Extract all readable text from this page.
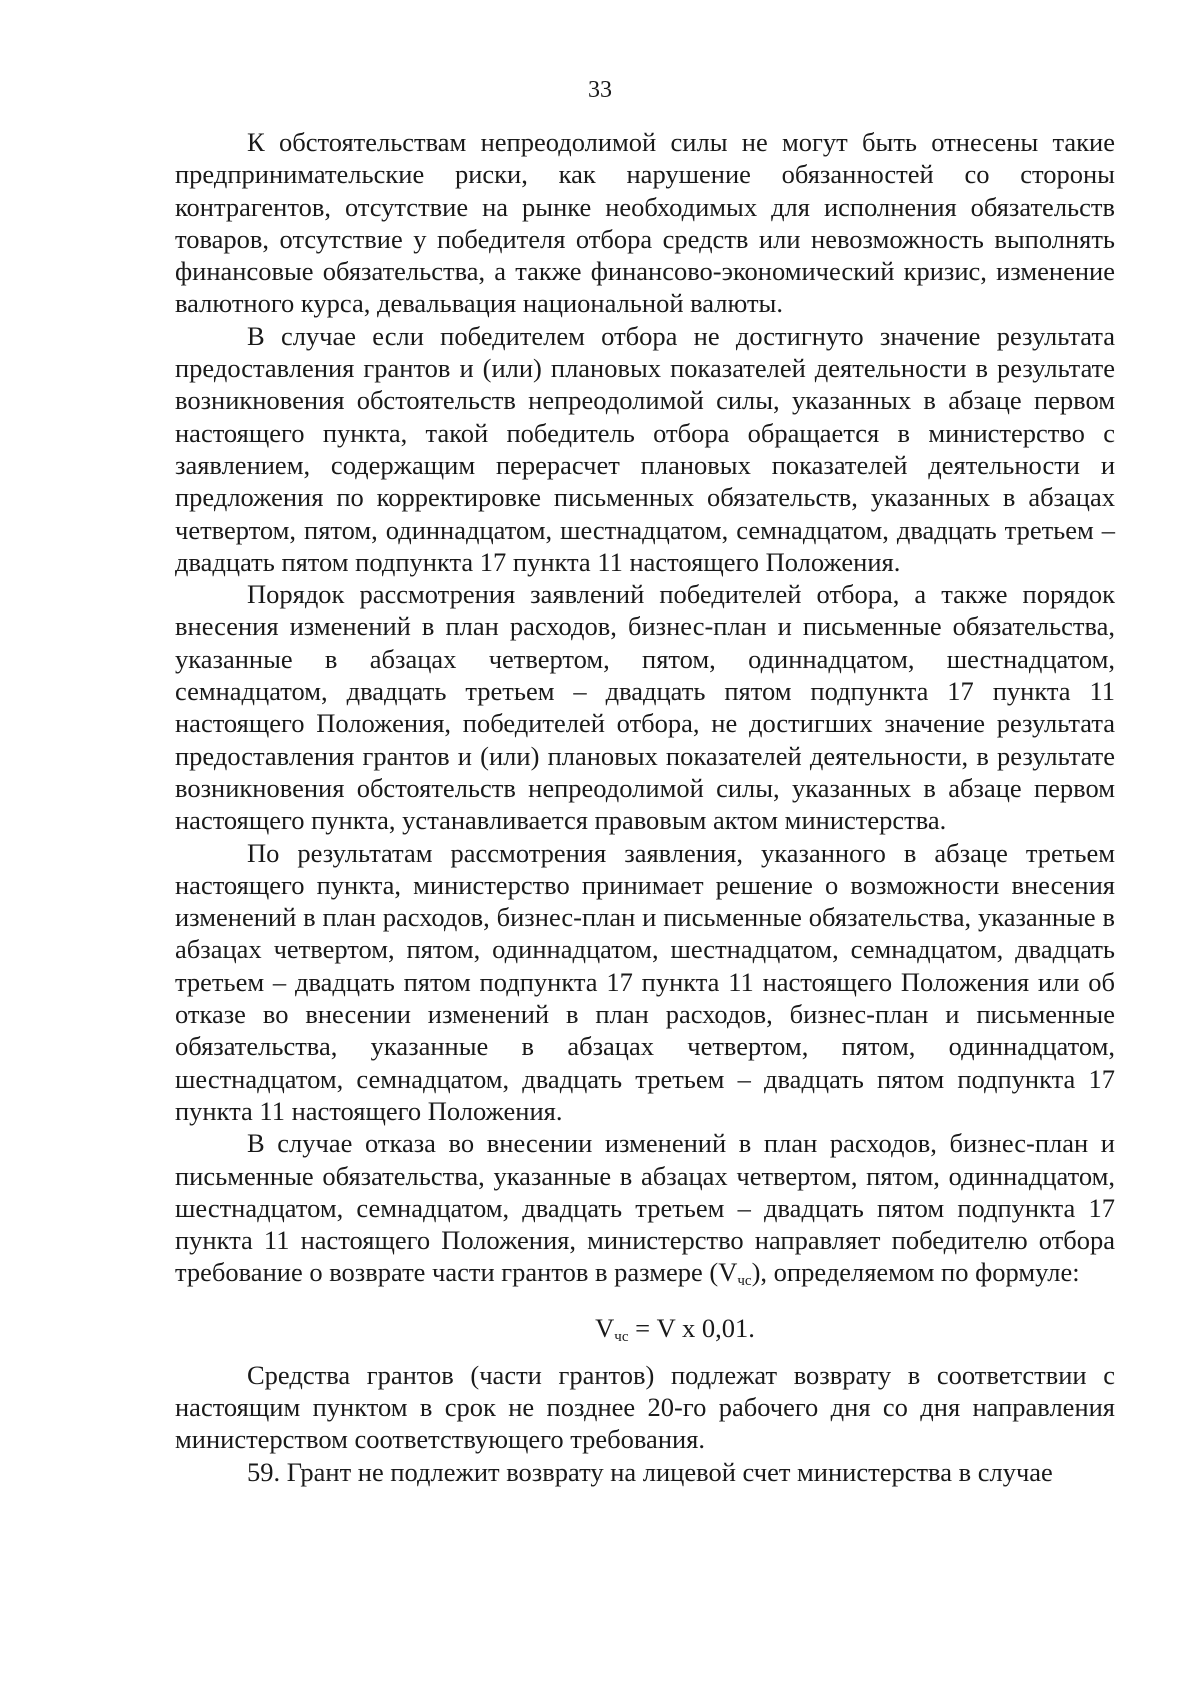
33

К обстоятельствам непреодолимой силы не могут быть отнесены такие предпринимательские риски, как нарушение обязанностей со стороны контрагентов, отсутствие на рынке необходимых для исполнения обязательств товаров, отсутствие у победителя отбора средств или невозможность выполнять финансовые обязательства, а также финансово-экономический кризис, изменение валютного курса, девальвация национальной валюты.

В случае если победителем отбора не достигнуто значение результата предоставления грантов и (или) плановых показателей деятельности в результате возникновения обстоятельств непреодолимой силы, указанных в абзаце первом настоящего пункта, такой победитель отбора обращается в министерство с заявлением, содержащим перерасчет плановых показателей деятельности и предложения по корректировке письменных обязательств, указанных в абзацах четвертом, пятом, одиннадцатом, шестнадцатом, семнадцатом, двадцать третьем – двадцать пятом подпункта 17 пункта 11 настоящего Положения.

Порядок рассмотрения заявлений победителей отбора, а также порядок внесения изменений в план расходов, бизнес-план и письменные обязательства, указанные в абзацах четвертом, пятом, одиннадцатом, шестнадцатом, семнадцатом, двадцать третьем – двадцать пятом подпункта 17 пункта 11 настоящего Положения, победителей отбора, не достигших значение результата предоставления грантов и (или) плановых показателей деятельности, в результате возникновения обстоятельств непреодолимой силы, указанных в абзаце первом настоящего пункта, устанавливается правовым актом министерства.

По результатам рассмотрения заявления, указанного в абзаце третьем настоящего пункта, министерство принимает решение о возможности внесения изменений в план расходов, бизнес-план и письменные обязательства, указанные в абзацах четвертом, пятом, одиннадцатом, шестнадцатом, семнадцатом, двадцать третьем – двадцать пятом подпункта 17 пункта 11 настоящего Положения или об отказе во внесении изменений в план расходов, бизнес-план и письменные обязательства, указанные в абзацах четвертом, пятом, одиннадцатом, шестнадцатом, семнадцатом, двадцать третьем – двадцать пятом подпункта 17 пункта 11 настоящего Положения.

В случае отказа во внесении изменений в план расходов, бизнес-план и письменные обязательства, указанные в абзацах четвертом, пятом, одиннадцатом, шестнадцатом, семнадцатом, двадцать третьем – двадцать пятом подпункта 17 пункта 11 настоящего Положения, министерство направляет победителю отбора требование о возврате части грантов в размере $(V_{чс})$, определяемом по формуле:

$V_{чс} = V$ x 0,01.

Средства грантов (части грантов) подлежат возврату в соответствии с настоящим пунктом в срок не позднее 20-го рабочего дня со дня направления министерством соответствующего требования.

59. Грант не подлежит возврату на лицевой счет министерства в случае
